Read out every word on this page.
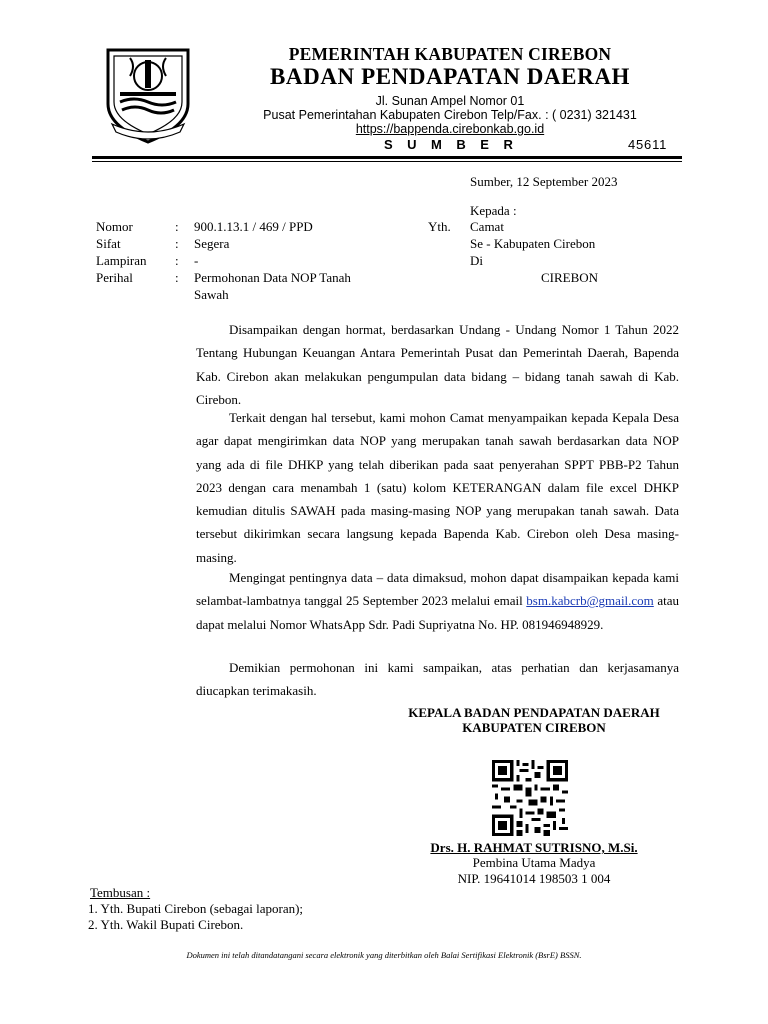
PEMERINTAH KABUPATEN CIREBON
BADAN PENDAPATAN DAERAH
Jl. Sunan Ampel Nomor 01
Pusat Pemerintahan Kabupaten Cirebon Telp/Fax. : ( 0231) 321431
https://bappenda.cirebonkab.go.id
SUMBER	45611
Sumber, 12 September 2023
Kepada :
Yth. Camat
Se - Kabupaten Cirebon
Di
CIREBON
Nomor	: 900.1.13.1 / 469 / PPD
Sifat	: Segera
Lampiran : -
Perihal	: Permohonan Data NOP Tanah
Sawah
Disampaikan dengan hormat, berdasarkan Undang - Undang Nomor 1 Tahun 2022 Tentang Hubungan Keuangan Antara Pemerintah Pusat dan Pemerintah Daerah, Bapenda Kab. Cirebon akan melakukan pengumpulan data bidang – bidang tanah sawah di Kab. Cirebon.
Terkait dengan hal tersebut, kami mohon Camat menyampaikan kepada Kepala Desa agar dapat mengirimkan data NOP yang merupakan tanah sawah berdasarkan data NOP yang ada di file DHKP yang telah diberikan pada saat penyerahan SPPT PBB-P2 Tahun 2023 dengan cara menambah 1 (satu) kolom KETERANGAN dalam file excel DHKP kemudian ditulis SAWAH pada masing-masing NOP yang merupakan tanah sawah. Data tersebut dikirimkan secara langsung kepada Bapenda Kab. Cirebon oleh Desa masing-masing.
Mengingat pentingnya data – data dimaksud, mohon dapat disampaikan kepada kami selambat-lambatnya tanggal 25 September 2023 melalui email bsm.kabcrb@gmail.com atau dapat melalui Nomor WhatsApp Sdr. Padi Supriyatna No. HP. 081946948929.
Demikian permohonan ini kami sampaikan, atas perhatian dan kerjasamanya diucapkan terimakasih.
KEPALA BADAN PENDAPATAN DAERAH
KABUPATEN CIREBON
Drs. H. RAHMAT SUTRISNO, M.Si.
Pembina Utama Madya
NIP. 19641014 198503 1 004
Tembusan :
1. Yth. Bupati Cirebon (sebagai laporan);
2. Yth. Wakil Bupati Cirebon.
Dokumen ini telah ditandatangani secara elektronik yang diterbitkan oleh Balai Sertifikasi Elektronik (BsrE) BSSN.
